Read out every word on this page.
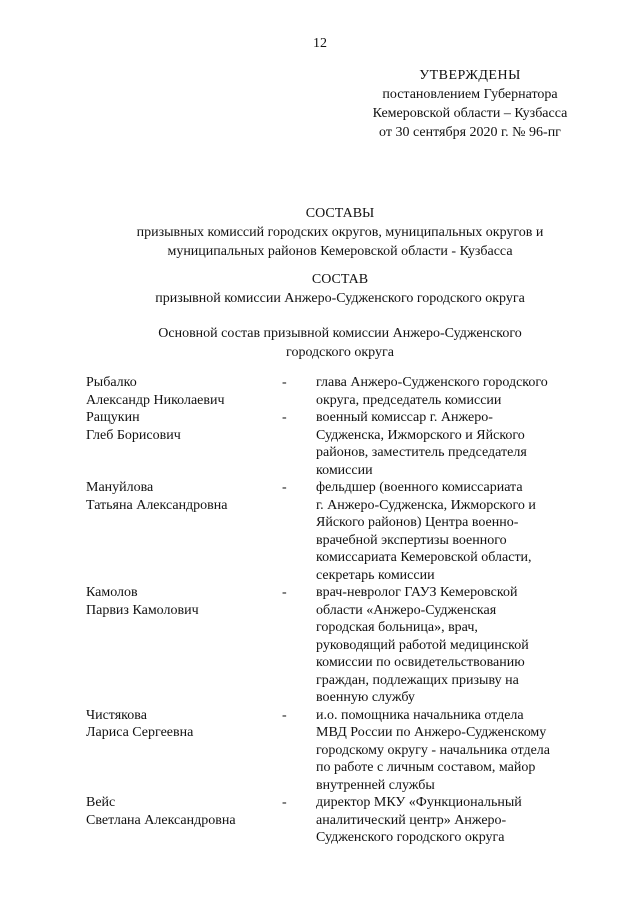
12
УТВЕРЖДЕНЫ
постановлением Губернатора
Кемеровской области – Кузбасса
от 30 сентября 2020 г. № 96-пг
СОСТАВЫ
призывных комиссий городских округов, муниципальных округов и
муниципальных районов Кемеровской области - Кузбасса
СОСТАВ
призывной комиссии Анжеро-Судженского городского округа
Основной состав призывной комиссии Анжеро-Судженского
городского округа
Рыбалко
Александр Николаевич
-	глава Анжеро-Судженского городского
округа, председатель комиссии
Ращукин
Глеб Борисович
-	военный комиссар г. Анжеро-
Судженска, Ижморского и Яйского
районов, заместитель председателя
комиссии
Мануйлова
Татьяна Александровна
-	фельдшер (военного комиссариата
г. Анжеро-Судженска, Ижморского и
Яйского районов) Центра военно-
врачебной экспертизы военного
комиссариата Кемеровской области,
секретарь комиссии
Камолов
Парвиз Камолович
-	врач-невролог ГАУЗ Кемеровской
области «Анжеро-Судженская
городская больница», врач,
руководящий работой медицинской
комиссии по освидетельствованию
граждан, подлежащих призыву на
военную службу
Чистякова
Лариса Сергеевна
-	и.о. помощника начальника отдела
МВД России по Анжеро-Судженскому
городскому округу - начальника отдела
по работе с личным составом, майор
внутренней службы
Вейс
Светлана Александровна
-	директор МКУ «Функциональный
аналитический центр» Анжеро-
Судженского городского округа
